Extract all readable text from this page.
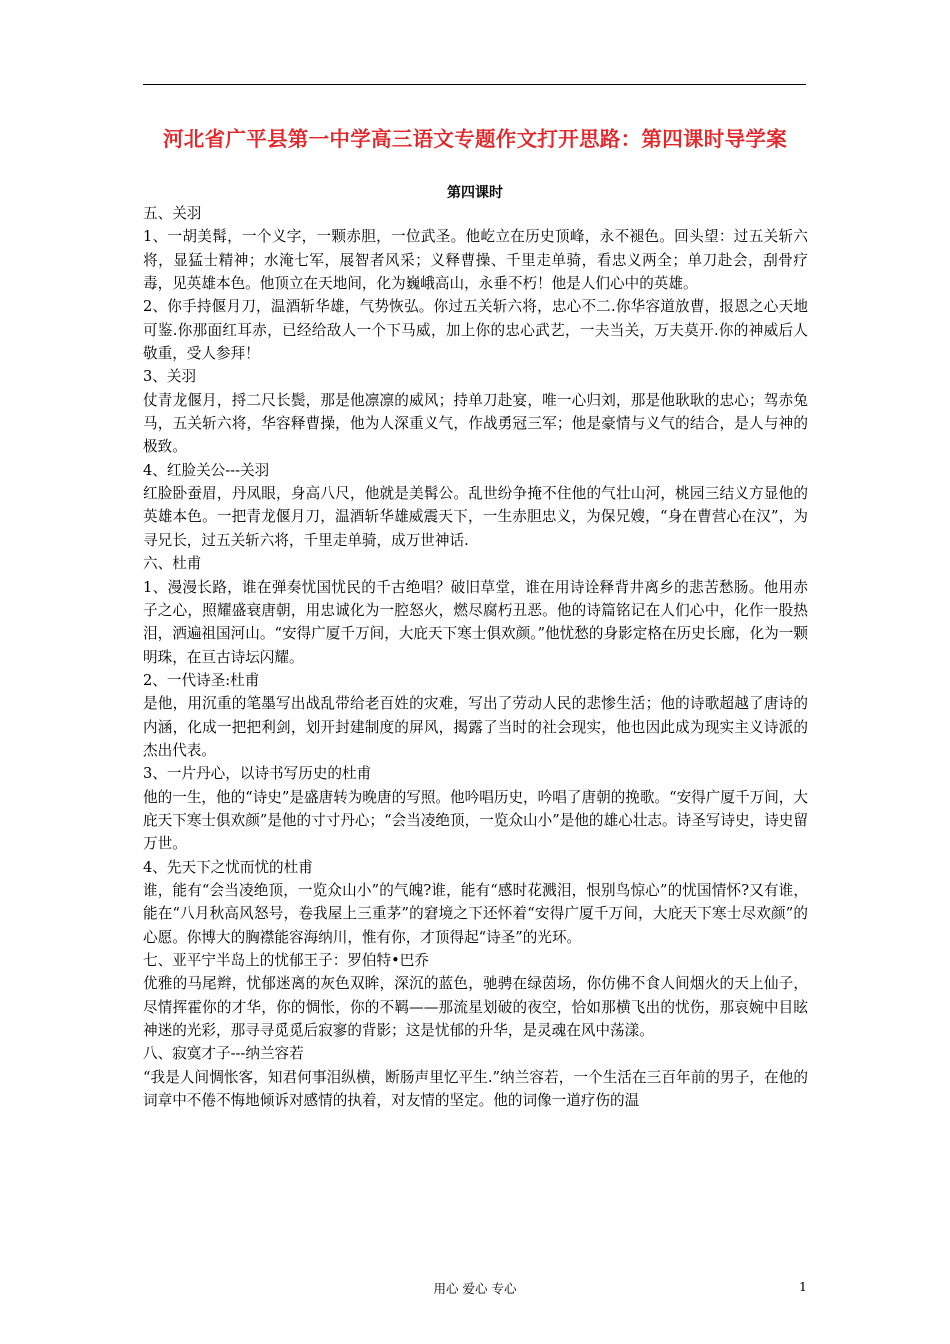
河北省广平县第一中学高三语文专题作文打开思路：第四课时导学案
第四课时

五、关羽

1、一胡美髯，一个义字，一颗赤胆，一位武圣。他屹立在历史顶峰，永不褪色。回头望：过五关斩六将，显猛士精神；水淹七军，展智者风采；义释曹操、千里走单骑，看忠义两全；单刀赴会，刮骨疗毒，见英雄本色。他顶立在天地间，化为巍峨高山，永垂不朽！他是人们心中的英雄。

2、你手持偃月刀，温酒斩华雄，气势恢弘。你过五关斩六将，忠心不二.你华容道放曹，报恩之心天地可鉴.你那面红耳赤，已经给敌人一个下马威，加上你的忠心武艺，一夫当关，万夫莫开.你的神威后人敬重，受人参拜！

3、关羽

仗青龙偃月，捋二尺长鬓，那是他凛凛的威风；持单刀赴宴，唯一心归刘，那是他耿耿的忠心；驾赤兔马，五关斩六将，华容释曹操，他为人深重义气，作战勇冠三军；他是豪情与义气的结合，是人与神的极致。

4、红脸关公---关羽

红脸卧蚕眉，丹凤眼，身高八尺，他就是美髯公。乱世纷争掩不住他的气壮山河，桃园三结义方显他的英雄本色。一把青龙偃月刀，温酒斩华雄威震天下，一生赤胆忠义，为保兄嫂，“身在曹营心在汉”，为寻兄长，过五关斩六将，千里走单骑，成万世神话.

六、杜甫

1、漫漫长路，谁在弹奏忧国忧民的千古绝唱？破旧草堂，谁在用诗诠释背井离乡的悲苦愁肠。他用赤子之心，照耀盛衰唐朝，用忠诚化为一腔怒火，燃尽腐朽丑恶。他的诗篇铭记在人们心中，化作一股热泪，洒遍祖国河山。“安得广厦千万间，大庇天下寒士俱欢颜。”他忧愁的身影定格在历史长廊，化为一颗明珠，在亘古诗坛闪耀。

2、一代诗圣:杜甫

是他，用沉重的笔墨写出战乱带给老百姓的灾难，写出了劳动人民的悲惨生活；他的诗歌超越了唐诗的内涵，化成一把把利剑，划开封建制度的屏风，揭露了当时的社会现实，他也因此成为现实主义诗派的杰出代表。

3、一片丹心，以诗书写历史的杜甫

他的一生，他的“诗史”是盛唐转为晚唐的写照。他吟唱历史，吟唱了唐朝的挽歌。“安得广厦千万间，大庇天下寒士俱欢颜”是他的寸寸丹心；“会当凌绝顶，一览众山小”是他的雄心壮志。诗圣写诗史，诗史留万世。

4、先天下之忧而忧的杜甫

谁，能有“会当凌绝顶，一览众山小”的气魄?谁，能有“感时花溅泪，恨别鸟惊心”的忧国情怀?又有谁，能在“八月秋高风怒号，卷我屋上三重茅”的窘境之下还怀着“安得广厦千万间，大庇天下寒士尽欢颜”的心愿。你博大的胸襟能容海纳川，惟有你，才顶得起“诗圣”的光环。

七、亚平宁半岛上的忧郁王子：罗伯特•巴乔

优雅的马尾辫，忧郁迷离的灰色双眸，深沉的蓝色，驰骋在绿茵场，你仿佛不食人间烟火的天上仙子，尽情挥霍你的才华，你的惆怅，你的不羁——那流星划破的夜空，恰如那横飞出的忧伤，那哀婉中目眩神迷的光彩，那寻寻觅觅后寂寥的背影；这是忧郁的升华，是灵魂在风中荡漾。

八、寂寞才子---纳兰容若

“我是人间惆怅客，知君何事泪纵横，断肠声里忆平生.”纳兰容若，一个生活在三百年前的男子，在他的词章中不倦不悔地倾诉对感情的执着，对友情的坚定。他的词像一道疗伤的温

用心 爱心 专心	1
